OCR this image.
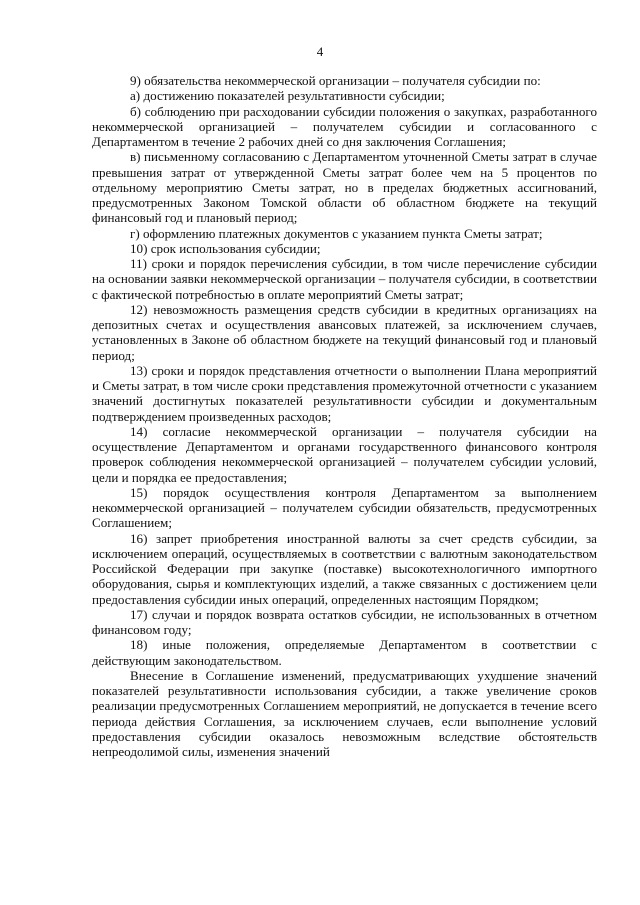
4

9) обязательства некоммерческой организации – получателя субсидии по:

а) достижению показателей результативности субсидии;

б) соблюдению при расходовании субсидии положения о закупках, разработанного некоммерческой организацией – получателем субсидии и согласованного с Департаментом в течение 2 рабочих дней со дня заключения Соглашения;

в) письменному согласованию с Департаментом уточненной Сметы затрат в случае превышения затрат от утвержденной Сметы затрат более чем на 5 процентов по отдельному мероприятию Сметы затрат, но в пределах бюджетных ассигнований, предусмотренных Законом Томской области об областном бюджете на текущий финансовый год и плановый период;

г) оформлению платежных документов с указанием пункта Сметы затрат;

10) срок использования субсидии;

11) сроки и порядок перечисления субсидии, в том числе перечисление субсидии на основании заявки некоммерческой организации – получателя субсидии, в соответствии с фактической потребностью в оплате мероприятий Сметы затрат;

12) невозможность размещения средств субсидии в кредитных организациях на депозитных счетах и осуществления авансовых платежей, за исключением случаев, установленных в Законе об областном бюджете на текущий финансовый год и плановый период;

13) сроки и порядок представления отчетности о выполнении Плана мероприятий и Сметы затрат, в том числе сроки представления промежуточной отчетности с указанием значений достигнутых показателей результативности субсидии и документальным подтверждением произведенных расходов;

14) согласие некоммерческой организации – получателя субсидии на осуществление Департаментом и органами государственного финансового контроля проверок соблюдения некоммерческой организацией – получателем субсидии условий, цели и порядка ее предоставления;

15) порядок осуществления контроля Департаментом за выполнением некоммерческой организацией – получателем субсидии обязательств, предусмотренных Соглашением;

16) запрет приобретения иностранной валюты за счет средств субсидии, за исключением операций, осуществляемых в соответствии с валютным законодательством Российской Федерации при закупке (поставке) высокотехнологичного импортного оборудования, сырья и комплектующих изделий, а также связанных с достижением цели предоставления субсидии иных операций, определенных настоящим Порядком;

17) случаи и порядок возврата остатков субсидии, не использованных в отчетном финансовом году;

18) иные положения, определяемые Департаментом в соответствии с действующим законодательством.

Внесение в Соглашение изменений, предусматривающих ухудшение значений показателей результативности использования субсидии, а также увеличение сроков реализации предусмотренных Соглашением мероприятий, не допускается в течение всего периода действия Соглашения, за исключением случаев, если выполнение условий предоставления субсидии оказалось невозможным вследствие обстоятельств непреодолимой силы, изменения значений
